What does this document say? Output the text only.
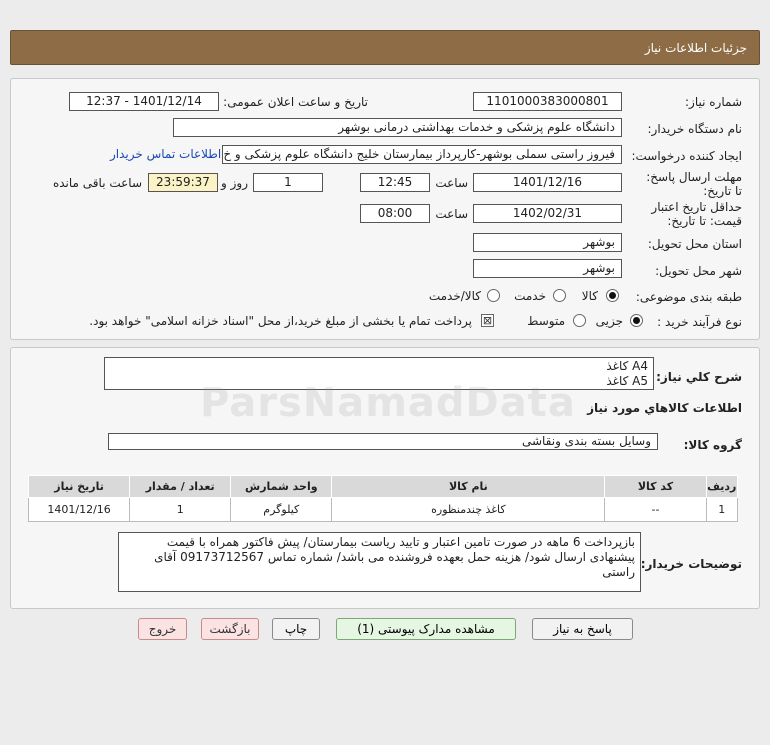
جزئیات اطلاعات نیاز
شماره نیاز:
1101000383000801
تاریخ و ساعت اعلان عمومی:
1401/12/14 - 12:37
نام دستگاه خریدار:
دانشگاه علوم پزشکی و خدمات بهداشتی درمانی بوشهر
ایجاد کننده درخواست:
فیروز راستی سملی بوشهر-کارپرداز بیمارستان خلیج دانشگاه علوم پزشکی و خ
اطلاعات تماس خریدار
مهلت ارسال پاسخ: تا تاریخ:
1401/12/16
ساعت
12:45
1
روز و
23:59:37
ساعت باقی مانده
حداقل تاریخ اعتبار قیمت: تا تاریخ:
1402/02/31
ساعت
08:00
استان محل تحویل:
بوشهر
شهر محل تحویل:
بوشهر
طبقه بندی موضوعی:
کالا
خدمت
کالا/خدمت
نوع فرآیند خرید :
جزیی
متوسط
⊠
پرداخت تمام یا بخشی از مبلغ خرید،از محل "اسناد خزانه اسلامی" خواهد بود.
شرح کلي نياز:
کاغذ A4
کاغذ A5
اطلاعات کالاهاي مورد نياز
گروه کالا:
وسایل بسته بندی ونقاشی
ردیف	کد کالا	نام کالا	واحد شمارش	تعداد / مقدار	تاریخ نیاز
1	--	کاغذ چندمنظوره	کیلوگرم	1	1401/12/16
توضیحات خریدار:
بازپرداخت 6 ماهه در صورت تامین اعتبار و تایید ریاست بیمارستان/ پیش فاکتور همراه با قیمت پیشنهادی ارسال شود/ هزینه حمل بعهده فروشنده می باشد/ شماره تماس 09173712567 آقای راستی
پاسخ به نیاز
مشاهده مدارک پیوستی (1)
چاپ
بازگشت
خروج
ParsNamadData
